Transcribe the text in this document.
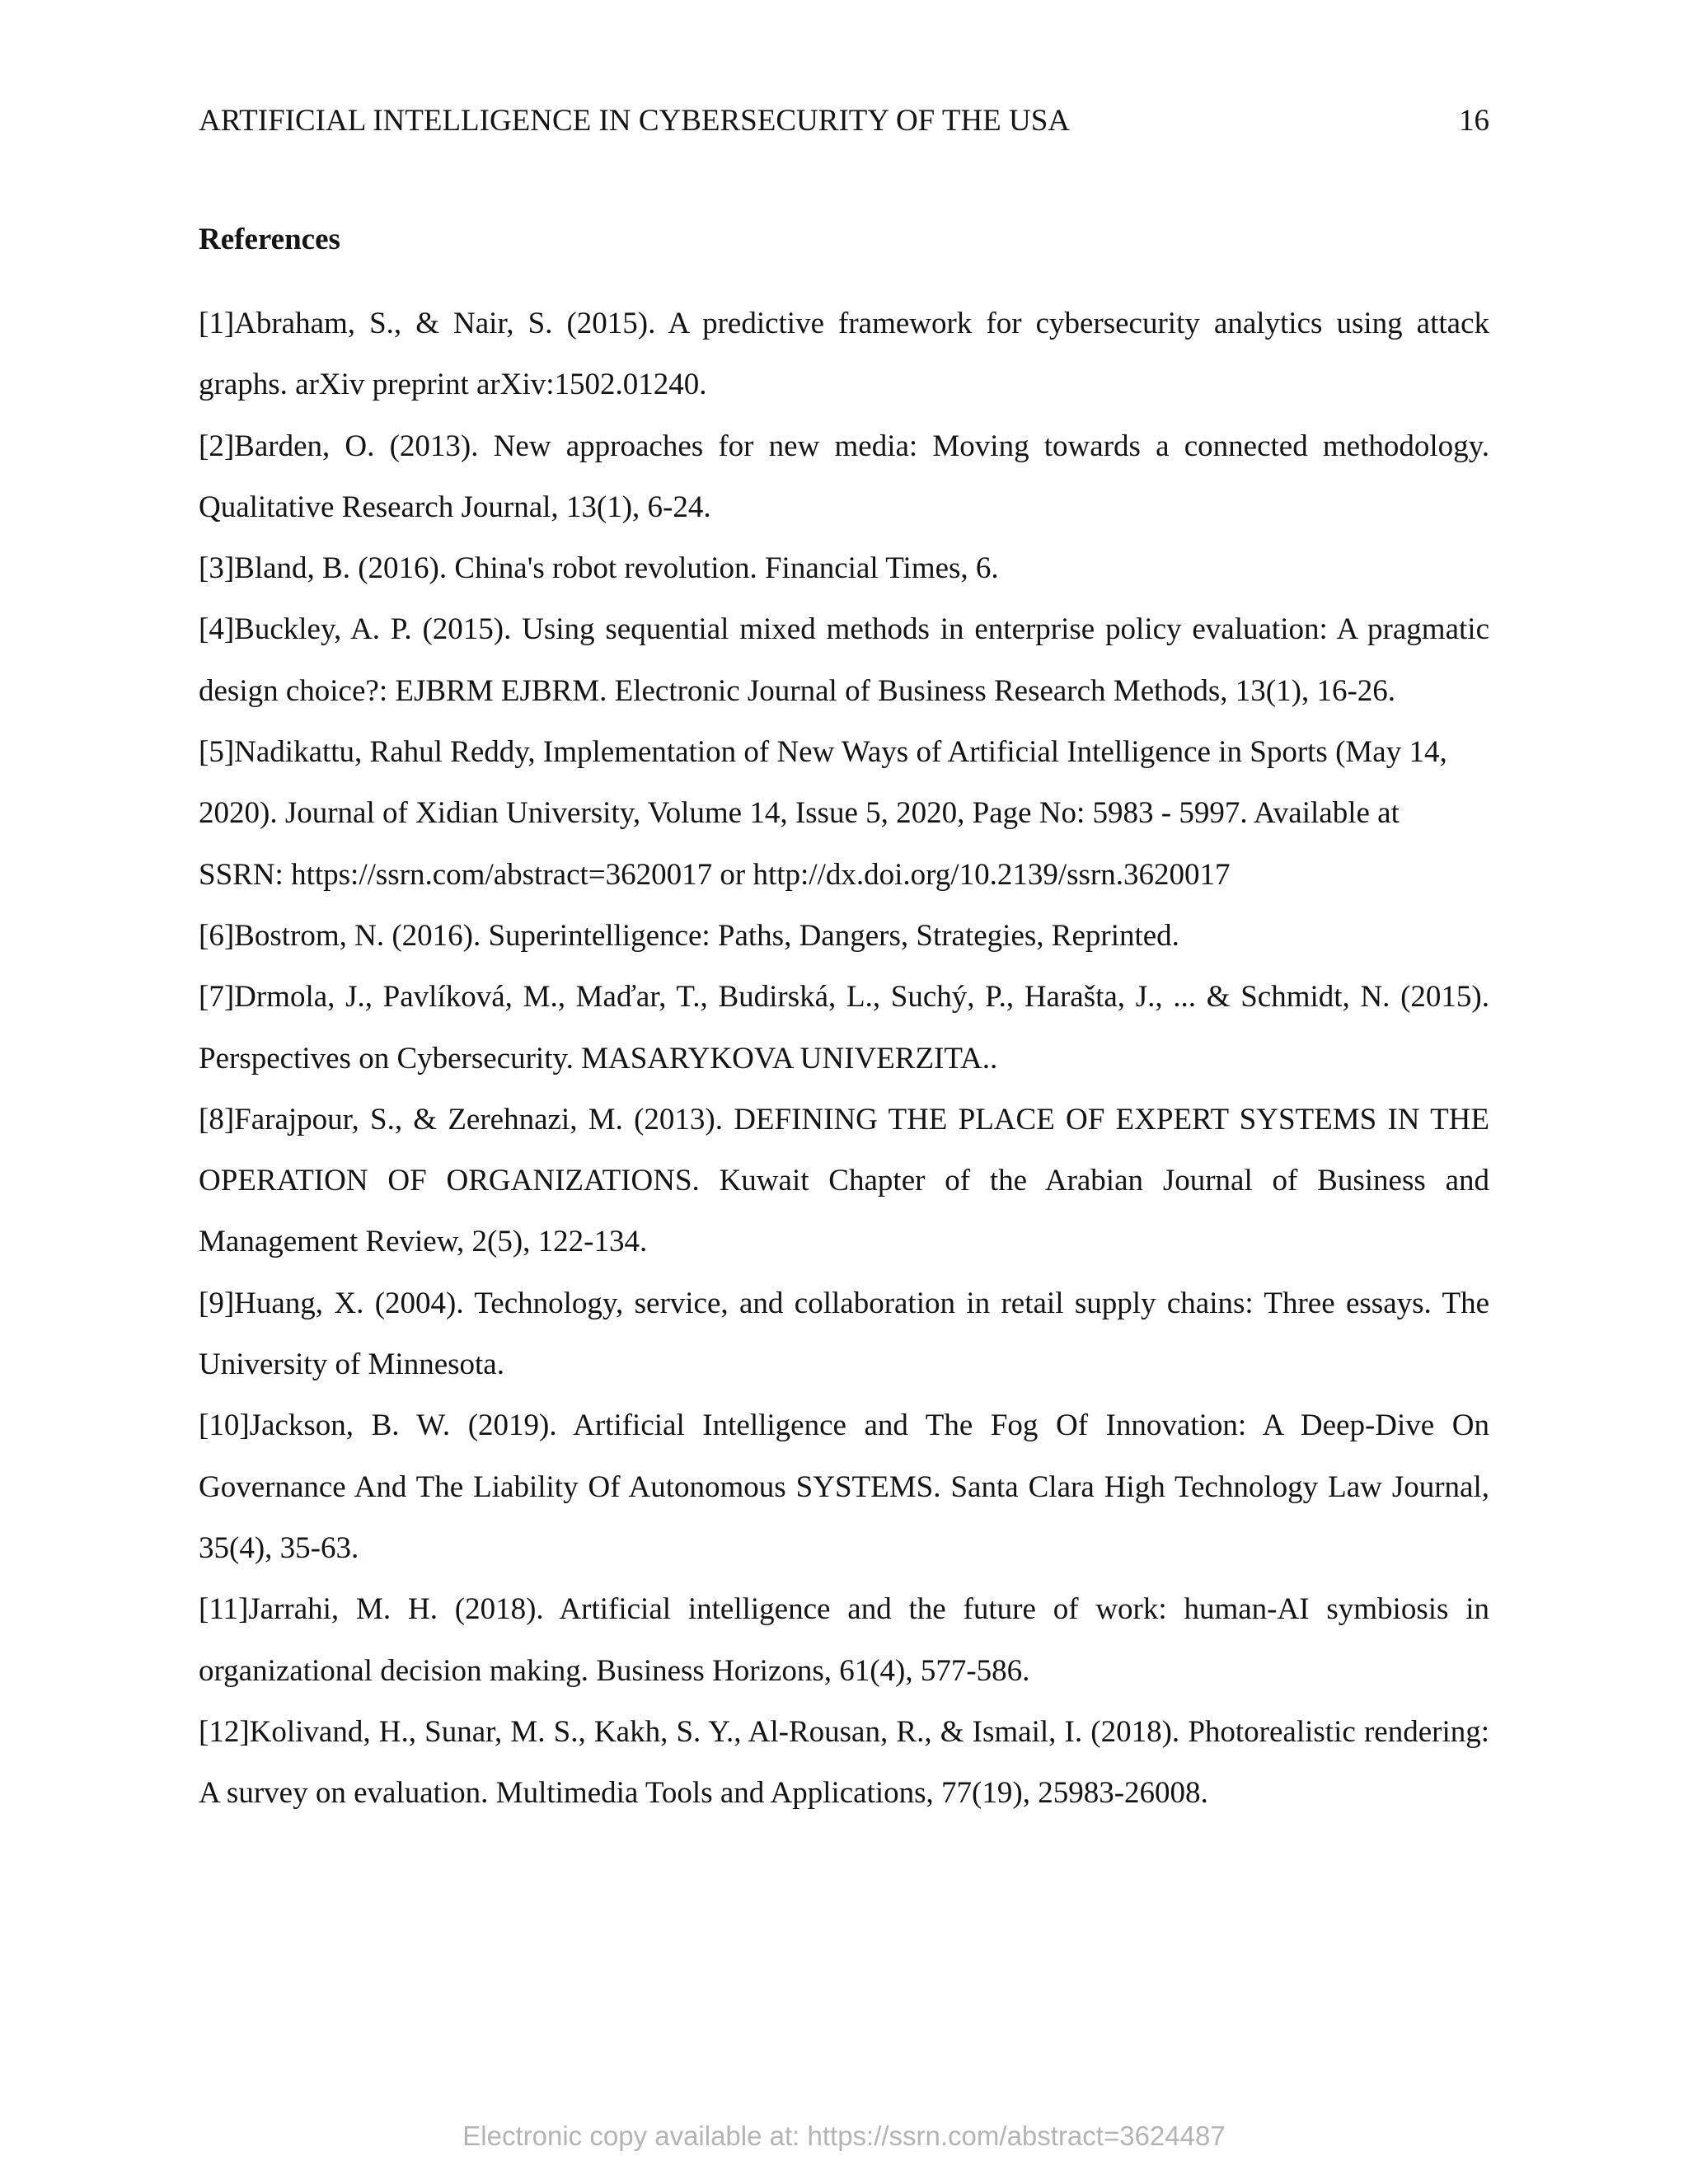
ARTIFICIAL INTELLIGENCE IN CYBERSECURITY OF THE USA	16
References

[1]Abraham, S., & Nair, S. (2015). A predictive framework for cybersecurity analytics using attack graphs. arXiv preprint arXiv:1502.01240.

[2]Barden, O. (2013). New approaches for new media: Moving towards a connected methodology. Qualitative Research Journal, 13(1), 6-24.

[3]Bland, B. (2016). China's robot revolution. Financial Times, 6.

[4]Buckley, A. P. (2015). Using sequential mixed methods in enterprise policy evaluation: A pragmatic design choice?: EJBRM EJBRM. Electronic Journal of Business Research Methods, 13(1), 16-26.

[5]Nadikattu, Rahul Reddy, Implementation of New Ways of Artificial Intelligence in Sports (May 14, 2020). Journal of Xidian University, Volume 14, Issue 5, 2020, Page No: 5983 - 5997. Available at SSRN: https://ssrn.com/abstract=3620017 or http://dx.doi.org/10.2139/ssrn.3620017

[6]Bostrom, N. (2016). Superintelligence: Paths, Dangers, Strategies, Reprinted.

[7]Drmola, J., Pavlíková, M., Maďar, T., Budirská, L., Suchý, P., Harašta, J., ... & Schmidt, N. (2015). Perspectives on Cybersecurity. MASARYKOVA UNIVERZITA..

[8]Farajpour, S., & Zerehnazi, M. (2013). DEFINING THE PLACE OF EXPERT SYSTEMS IN THE OPERATION OF ORGANIZATIONS. Kuwait Chapter of the Arabian Journal of Business and Management Review, 2(5), 122-134.

[9]Huang, X. (2004). Technology, service, and collaboration in retail supply chains: Three essays. The University of Minnesota.

[10]Jackson, B. W. (2019). Artificial Intelligence and The Fog Of Innovation: A Deep-Dive On Governance And The Liability Of Autonomous SYSTEMS. Santa Clara High Technology Law Journal, 35(4), 35-63.

[11]Jarrahi, M. H. (2018). Artificial intelligence and the future of work: human-AI symbiosis in organizational decision making. Business Horizons, 61(4), 577-586.

[12]Kolivand, H., Sunar, M. S., Kakh, S. Y., Al-Rousan, R., & Ismail, I. (2018). Photorealistic rendering: A survey on evaluation. Multimedia Tools and Applications, 77(19), 25983-26008.

Electronic copy available at: https://ssrn.com/abstract=3624487
